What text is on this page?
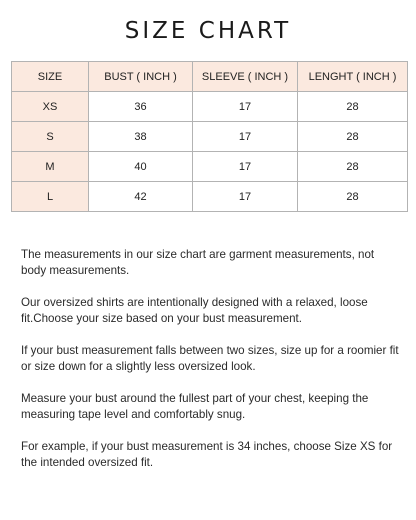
SIZE CHART
SIZE	BUST ( INCH )	SLEEVE ( INCH )	LENGHT ( INCH )
XS	36	17	28
S	38	17	28
M	40	17	28
L	42	17	28

The measurements in our size chart are garment measurements, not body measurements.

Our oversized shirts are intentionally designed with a relaxed, loose fit.Choose your size based on your bust measurement.

If your bust measurement falls between two sizes, size up for a roomier fit or size down for a slightly less oversized look.

Measure your bust around the fullest part of your chest, keeping the measuring tape level and comfortably snug.

For example, if your bust measurement is 34 inches, choose Size XS for the intended oversized fit.
